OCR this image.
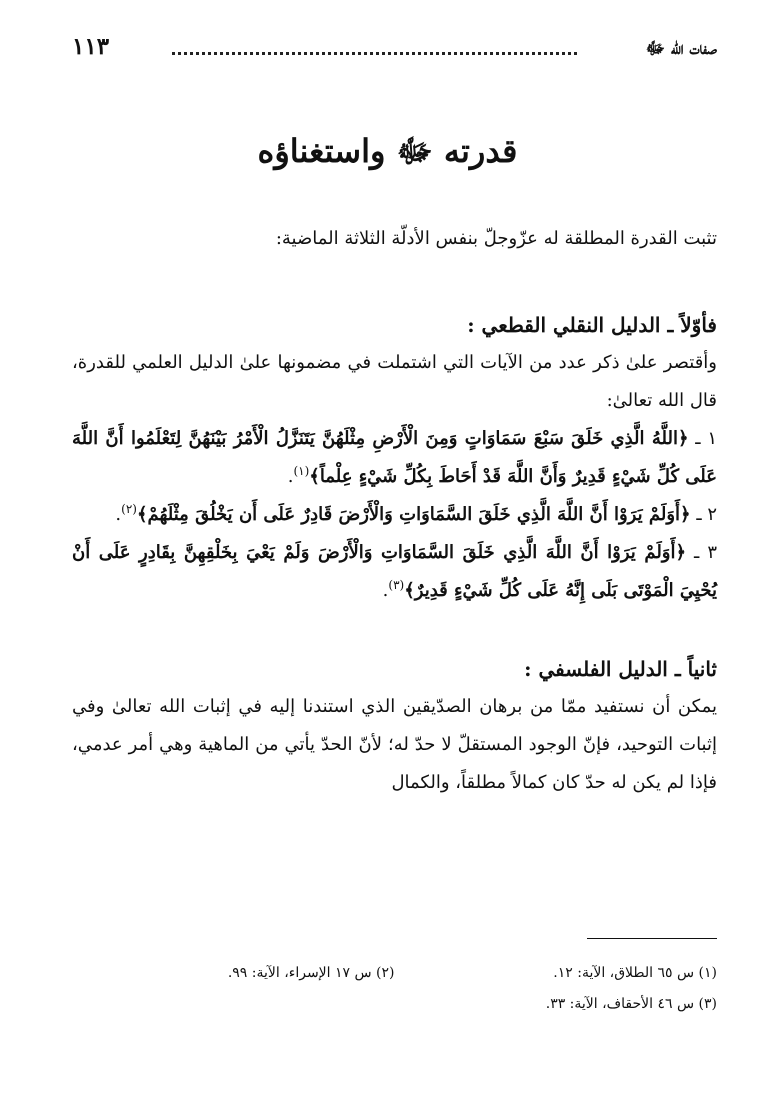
صفات الله ﷻ
١١٣
قدرته ﷻ واستغناؤه

تثبت القدرة المطلقة له عزّوجلّ بنفس الأدلّة الثلاثة الماضية:

فأوّلاً ـ الدليل النقلي القطعي :

وأقتصر علىٰ ذكر عدد من الآيات التي اشتملت في مضمونها علىٰ الدليل العلمي للقدرة، قال الله تعالىٰ:

١ ـ ﴿اللَّهُ الَّذِي خَلَقَ سَبْعَ سَمَاوَاتٍ وَمِنَ الْأَرْضِ مِثْلَهُنَّ يَتَنَزَّلُ الْأَمْرُ بَيْنَهُنَّ لِتَعْلَمُوا أَنَّ اللَّهَ عَلَى كُلِّ شَيْءٍ قَدِيرٌ وَأَنَّ اللَّهَ قَدْ أَحَاطَ بِكُلِّ شَيْءٍ عِلْماً﴾$^{(١)}$.

٢ ـ ﴿أَوَلَمْ يَرَوْا أَنَّ اللَّهَ الَّذِي خَلَقَ السَّمَاوَاتِ وَالْأَرْضَ قَادِرٌ عَلَى أَن يَخْلُقَ مِثْلَهُمْ﴾$^{(٢)}$.

٣ ـ ﴿أَوَلَمْ يَرَوْا أَنَّ اللَّهَ الَّذِي خَلَقَ السَّمَاوَاتِ وَالْأَرْضَ وَلَمْ يَعْيَ بِخَلْقِهِنَّ بِقَادِرٍ عَلَى أَنْ يُحْيِيَ الْمَوْتَى بَلَى إِنَّهُ عَلَى كُلِّ شَيْءٍ قَدِيرٌ﴾$^{(٣)}$.

ثانياً ـ الدليل الفلسفي :

يمكن أن نستفيد ممّا من برهان الصدّيقين الذي استندنا إليه في إثبات الله تعالىٰ وفي إثبات التوحيد، فإنّ الوجود المستقلّ لا حدّ له؛ لأنّ الحدّ يأتي من الماهية وهي أمر عدمي، فإذا لم يكن له حدّ كان كمالاً مطلقاً، والكمال

(١) س ٦٥ الطلاق، الآية: ١٢.
(٢) س ١٧ الإسراء، الآية: ٩٩.
(٣) س ٤٦ الأحقاف، الآية: ٣٣.
